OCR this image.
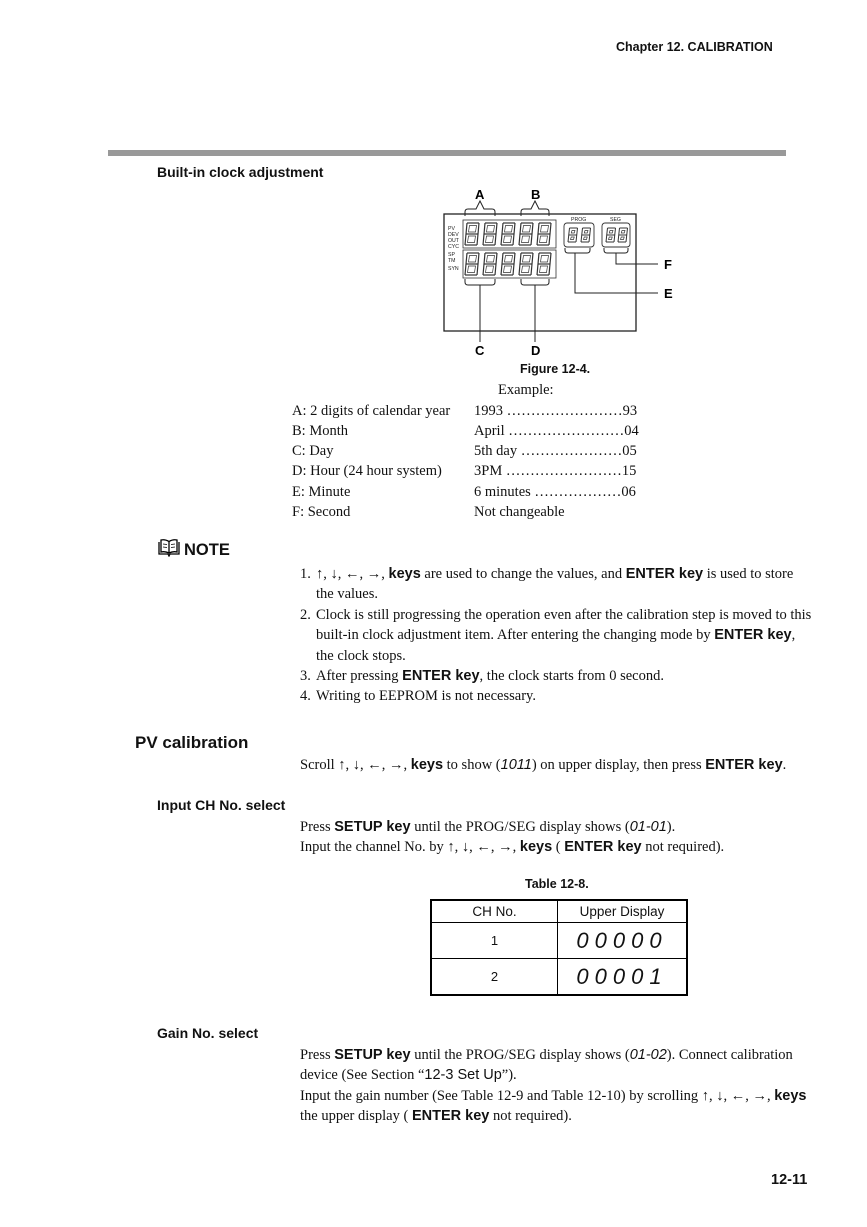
Chapter 12. CALIBRATION
Built-in clock adjustment
A	B
PV
DEV
OUT
CYC
SP
TM
SYN
PROG	SEG
C	D
F
E
Figure 12-4.
Example:
A: 2 digits of calendar year 1993 ……………………93
B: Month	April ……………………04
C: Day	5th day …………………05
D: Hour (24 hour system) 3PM ……………………15
E: Minute	6 minutes ………………06
F: Second	Not changeable
NOTE
1. ↑, ↓, ←, →, keys are used to change the values, and ENTER key is used to store
the values.
2. Clock is still progressing the operation even after the calibration step is moved to this
built-in clock adjustment item. After entering the changing mode by ENTER key,
the clock stops.
3. After pressing ENTER key, the clock starts from 0 second.
4. Writing to EEPROM is not necessary.
PV calibration
Scroll ↑, ↓, ←, →, keys to show (1011) on upper display, then press ENTER key.
Input CH No. select
Press SETUP key until the PROG/SEG display shows (01-01).
Input the channel No. by ↑, ↓, ←, →, keys ( ENTER key not required).
Table 12-8.
CH No.	Upper Display
1	00000
2	00001
Gain No. select
Press SETUP key until the PROG/SEG display shows (01-02). Connect calibration
device (See Section “12-3 Set Up”).
Input the gain number (See Table 12-9 and Table 12-10) by scrolling ↑, ↓, ←, →, keys
the upper display ( ENTER key not required).
12-11
